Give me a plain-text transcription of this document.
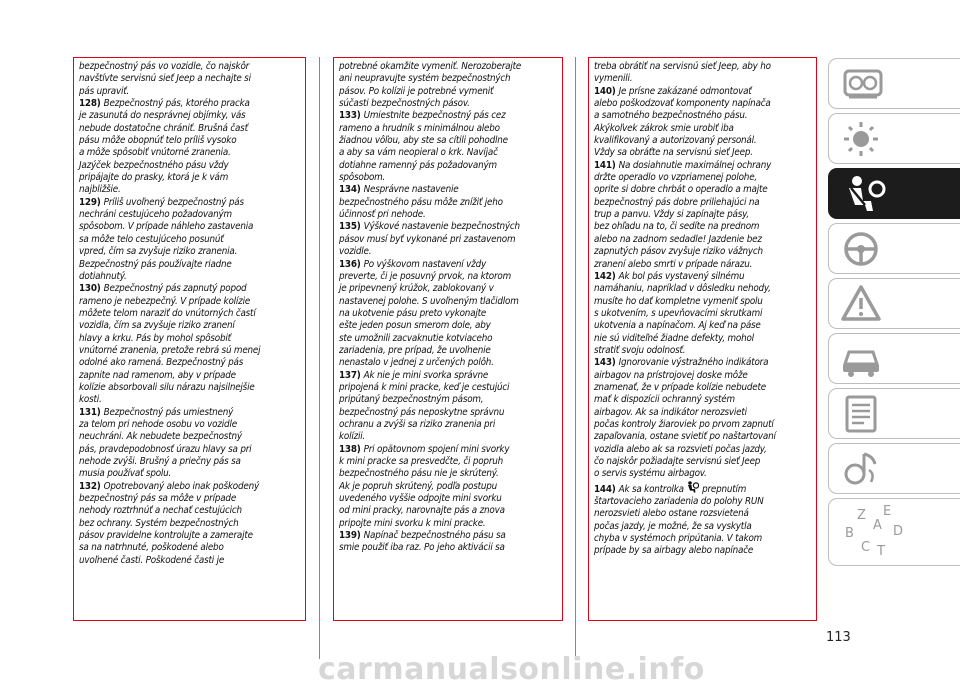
bezpečnostný pás vo vozidle, čo najskôr
navštívte servisnú sieť Jeep a nechajte si
pás upraviť.

128) Bezpečnostný pás, ktorého pracka
je zasunutá do nesprávnej objímky, vás
nebude dostatočne chrániť. Brušná časť
pásu môže obopnúť telo príliš vysoko
a môže spôsobiť vnútorné zranenia.
Jazýček bezpečnostného pásu vždy
pripájajte do prasky, ktorá je k vám
najbližšie.

129) Príliš uvoľnený bezpečnostný pás
nechráni cestujúceho požadovaným
spôsobom. V prípade náhleho zastavenia
sa môže telo cestujúceho posunúť
vpred, čím sa zvyšuje riziko zranenia.
Bezpečnostný pás používajte riadne
dotiahnutý.

130) Bezpečnostný pás zapnutý popod
rameno je nebezpečný. V prípade kolízie
môžete telom naraziť do vnútorných častí
vozidla, čím sa zvyšuje riziko zranení
hlavy a krku. Pás by mohol spôsobiť
vnútorné zranenia, pretože rebrá sú menej
odolné ako ramená. Bezpečnostný pás
zapnite nad ramenom, aby v prípade
kolízie absorbovali silu nárazu najsilnejšie
kosti.

131) Bezpečnostný pás umiestnený
za telom pri nehode osobu vo vozidle
neuchráni. Ak nebudete bezpečnostný
pás, pravdepodobnosť úrazu hlavy sa pri
nehode zvýši. Brušný a priečny pás sa
musia používať spolu.

132) Opotrebovaný alebo inak poškodený
bezpečnostný pás sa môže v prípade
nehody roztrhnúť a nechať cestujúcich
bez ochrany. Systém bezpečnostných
pásov pravidelne kontrolujte a zamerajte
sa na natrhnuté, poškodené alebo
uvoľnené časti. Poškodené časti je

potrebné okamžite vymeniť. Nerozoberajte
ani neupravujte systém bezpečnostných
pásov. Po kolízii je potrebné vymeniť
súčasti bezpečnostných pásov.

133) Umiestnite bezpečnostný pás cez
rameno a hrudník s minimálnou alebo
žiadnou vôľou, aby ste sa cítili pohodlne
a aby sa vám neopieral o krk. Navíjač
dotiahne ramenný pás požadovaným
spôsobom.

134) Nesprávne nastavenie
bezpečnostného pásu môže znížiť jeho
účinnosť pri nehode.

135) Výškové nastavenie bezpečnostných
pásov musí byť vykonané pri zastavenom
vozidle.

136) Po výškovom nastavení vždy
preverte, či je posuvný prvok, na ktorom
je pripevnený krúžok, zablokovaný v
nastavenej polohe. S uvoľneným tlačidlom
na ukotvenie pásu preto vykonajte
ešte jeden posun smerom dole, aby
ste umožnili zacvaknutie kotviaceho
zariadenia, pre prípad, že uvoľnenie
nenastalo v jednej z určených polôh.

137) Ak nie je mini svorka správne
pripojená k mini pracke, keď je cestujúci
pripútaný bezpečnostným pásom,
bezpečnostný pás neposkytne správnu
ochranu a zvýši sa riziko zranenia pri
kolízii.

138) Pri opätovnom spojení mini svorky
k mini pracke sa presvedčte, či popruh
bezpečnostného pásu nie je skrútený.
Ak je popruh skrútený, podľa postupu
uvedeného vyššie odpojte mini svorku
od mini pracky, narovnajte pás a znova
pripojte mini svorku k mini pracke.

139) Napínač bezpečnostného pásu sa
smie použiť iba raz. Po jeho aktivácii sa

treba obrátiť na servisnú sieť Jeep, aby ho
vymenili.

140) Je prísne zakázané odmontovať
alebo poškodzovať komponenty napínača
a samotného bezpečnostného pásu.
Akýkoľvek zákrok smie urobiť iba
kvalifikovaný a autorizovaný personál.
Vždy sa obráťte na servisnú sieť Jeep.

141) Na dosiahnutie maximálnej ochrany
držte operadlo vo vzpriamenej polohe,
oprite si dobre chrbát o operadlo a majte
bezpečnostný pás dobre priliehajúci na
trup a panvu. Vždy si zapínajte pásy,
bez ohľadu na to, či sedíte na prednom
alebo na zadnom sedadle! Jazdenie bez
zapnutých pásov zvyšuje riziko vážnych
zranení alebo smrti v prípade nárazu.

142) Ak bol pás vystavený silnému
namáhaniu, napríklad v dôsledku nehody,
musíte ho dať kompletne vymeniť spolu
s ukotvením, s upevňovacími skrutkami
ukotvenia a napínačom. Aj keď na páse
nie sú viditeľné žiadne defekty, mohol
stratiť svoju odolnosť.

143) Ignorovanie výstražného indikátora
airbagov na prístrojovej doske môže
znamenať, že v prípade kolízie nebudete
mať k dispozícii ochranný systém
airbagov. Ak sa indikátor nerozsvieti
počas kontroly žiaroviek po prvom zapnutí
zapaľovania, ostane svietiť po naštartovaní
vozidla alebo ak sa rozsvieti počas jazdy,
čo najskôr požiadajte servisnú sieť Jeep
o servis systému airbagov.

144) Ak sa kontrolka  prepnutím
štartovacieho zariadenia do polohy RUN
nerozsvieti alebo ostane rozsvietená
počas jazdy, je možné, že sa vyskytla
chyba v systémoch pripútania. V takom
prípade by sa airbagy alebo napínače

113
carmanualsonline.info
Z E
A
B	D
C T
